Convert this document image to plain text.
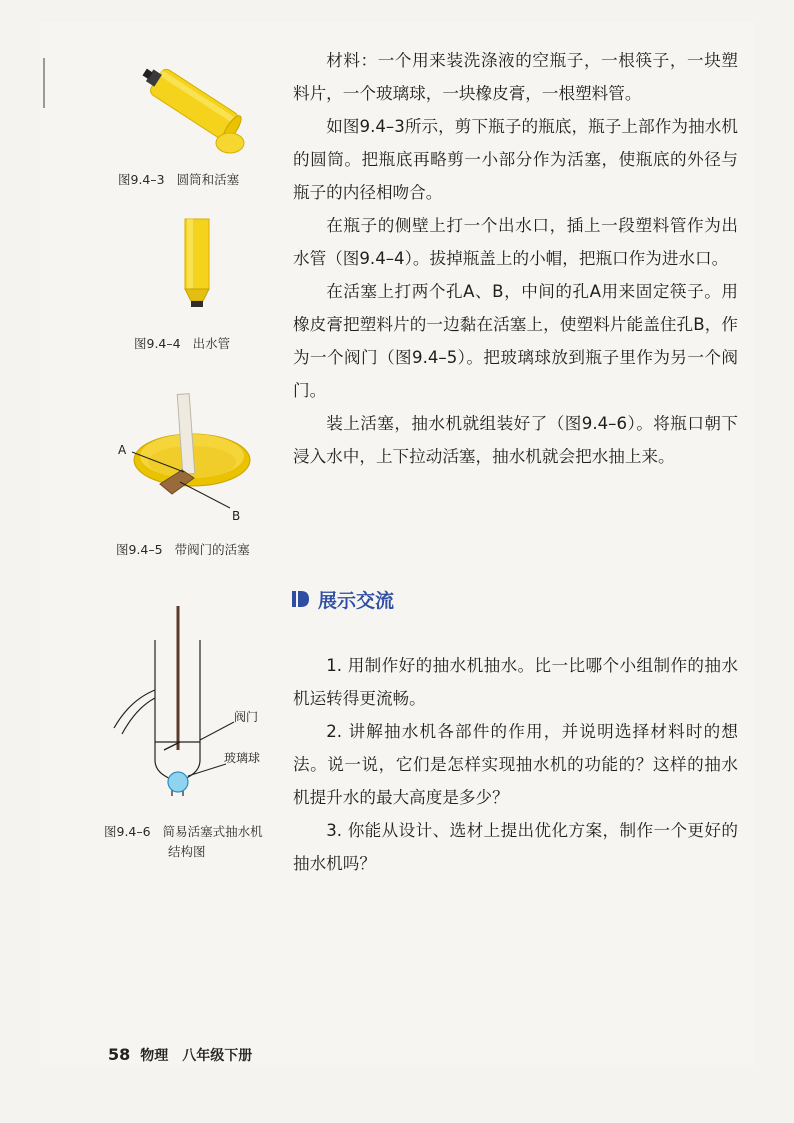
图9.4–3 圆筒和活塞
图9.4–4 出水管
A
B
图9.4–5 带阀门的活塞
阀门
玻璃球
图9.4–6 简易活塞式抽水机
结构图

材料：一个用来装洗涤液的空瓶子，一根筷子，一块塑料片，一个玻璃球，一块橡皮膏，一根塑料管。

如图9.4–3所示，剪下瓶子的瓶底，瓶子上部作为抽水机的圆筒。把瓶底再略剪一小部分作为活塞，使瓶底的外径与瓶子的内径相吻合。

在瓶子的侧壁上打一个出水口，插上一段塑料管作为出水管（图9.4–4）。拔掉瓶盖上的小帽，把瓶口作为进水口。

在活塞上打两个孔A、B，中间的孔A用来固定筷子。用橡皮膏把塑料片的一边黏在活塞上，使塑料片能盖住孔B，作为一个阀门（图9.4–5）。把玻璃球放到瓶子里作为另一个阀门。

装上活塞，抽水机就组装好了（图9.4–6）。将瓶口朝下浸入水中，上下拉动活塞，抽水机就会把水抽上来。

展示交流

1. 用制作好的抽水机抽水。比一比哪个小组制作的抽水机运转得更流畅。

2. 讲解抽水机各部件的作用，并说明选择材料时的想法。说一说，它们是怎样实现抽水机的功能的？这样的抽水机提升水的最大高度是多少？

3. 你能从设计、选材上提出优化方案，制作一个更好的抽水机吗？

58 物理　八年级下册
